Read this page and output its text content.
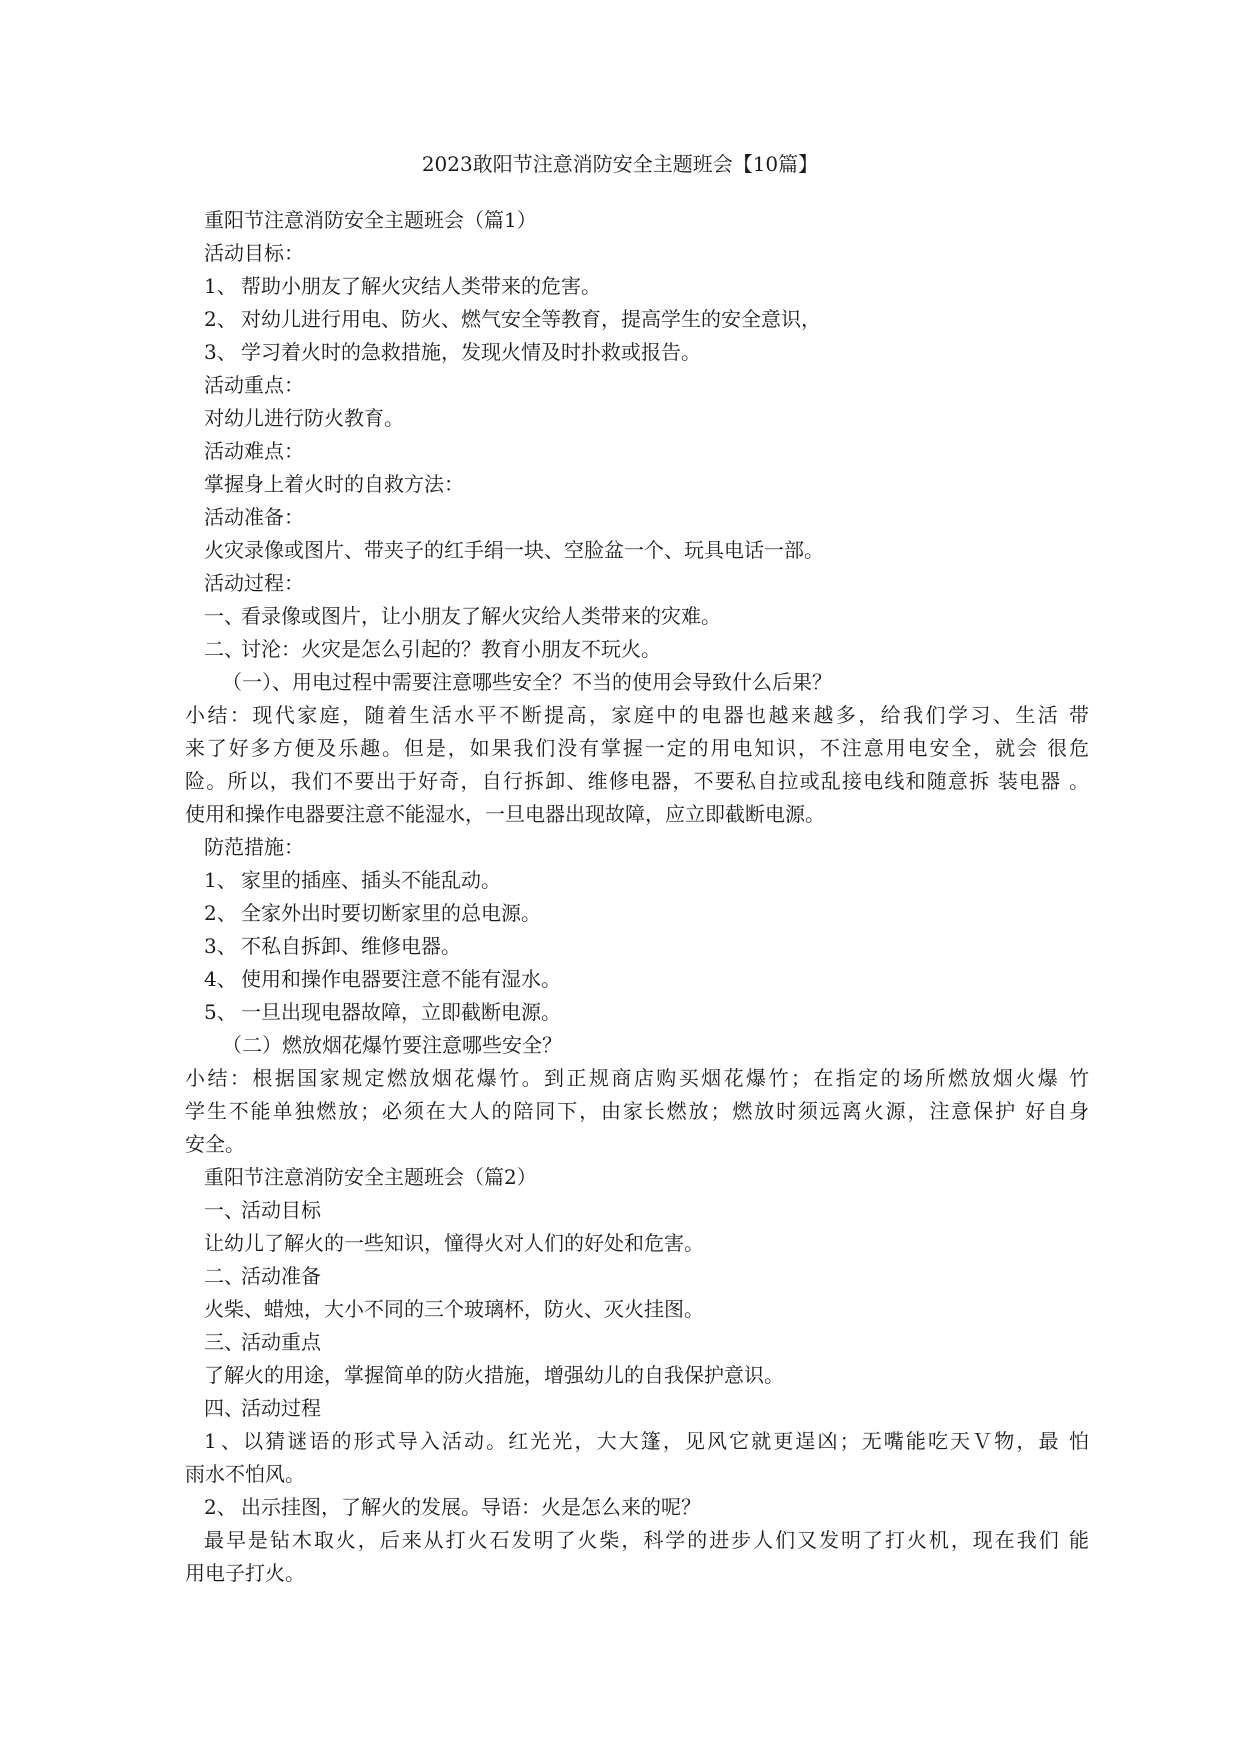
2023敢阳节注意消防安全主题班会【10篇】
重阳节注意消防安全主题班会（篇1）
活动目标：
1、 帮助小朋友了解火灾结人类带来的危害。
2、 对幼儿进行用电、防火、燃气安全等教育，提高学生的安全意识，
3、 学习着火时的急救措施，发现火情及时扑救或报告。
活动重点：
对幼儿进行防火教育。
活动难点：
掌握身上着火时的自救方法：
活动准备：
火灾录像或图片、带夹子的红手绢一块、空脸盆一个、玩具电话一部。
活动过程：
一、看录像或图片，让小朋友了解火灾给人类带来的灾难。
二、讨沦：火灾是怎么引起的？教育小朋友不玩火。
（一）、用电过程中需要注意哪些安全？不当的使用会导致什么后果？
小结：现代家庭，随着生活水平不断提高，家庭中的电器也越来越多，给我们学习、生活 带
来了好多方便及乐趣。但是，如果我们没有掌握一定的用电知识，不注意用电安全，就会 很危
险。所以，我们不要出于好奇，自行拆卸、维修电器，不要私自拉或乱接电线和随意拆 装电器 。
使用和操作电器要注意不能湿水，一旦电器出现故障，应立即截断电源。
防范措施：
1、 家里的插座、插头不能乱动。
2、 全家外出时要切断家里的总电源。
3、 不私自拆卸、维修电器。
4、 使用和操作电器要注意不能有湿水。
5、 一旦出现电器故障，立即截断电源。
（二）燃放烟花爆竹要注意哪些安全？
小结：根据国家规定燃放烟花爆竹。到正规商店购买烟花爆竹；在指定的场所燃放烟火爆 竹
学生不能单独燃放；必须在大人的陪同下，由家长燃放；燃放时须远离火源，注意保护 好自身
安全。
重阳节注意消防安全主题班会（篇2）
一、活动目标
让幼儿了解火的一些知识，憧得火对人们的好处和危害。
二、活动准备
火柴、蜡烛，大小不同的三个玻璃杯，防火、灭火挂图。
三、活动重点
了解火的用途，掌握简单的防火措施，增强幼儿的自我保护意识。
四、活动过程
1、以猜谜语的形式导入活动。红光光，大大篷，见风它就更逞凶；无嘴能吃天Ｖ物，最 怕
雨水不怕风。
2、 出示挂图，了解火的发展。导语：火是怎么来的呢？
最早是钻木取火，后来从打火石发明了火柴，科学的进步人们又发明了打火机，现在我们 能
用电子打火。
